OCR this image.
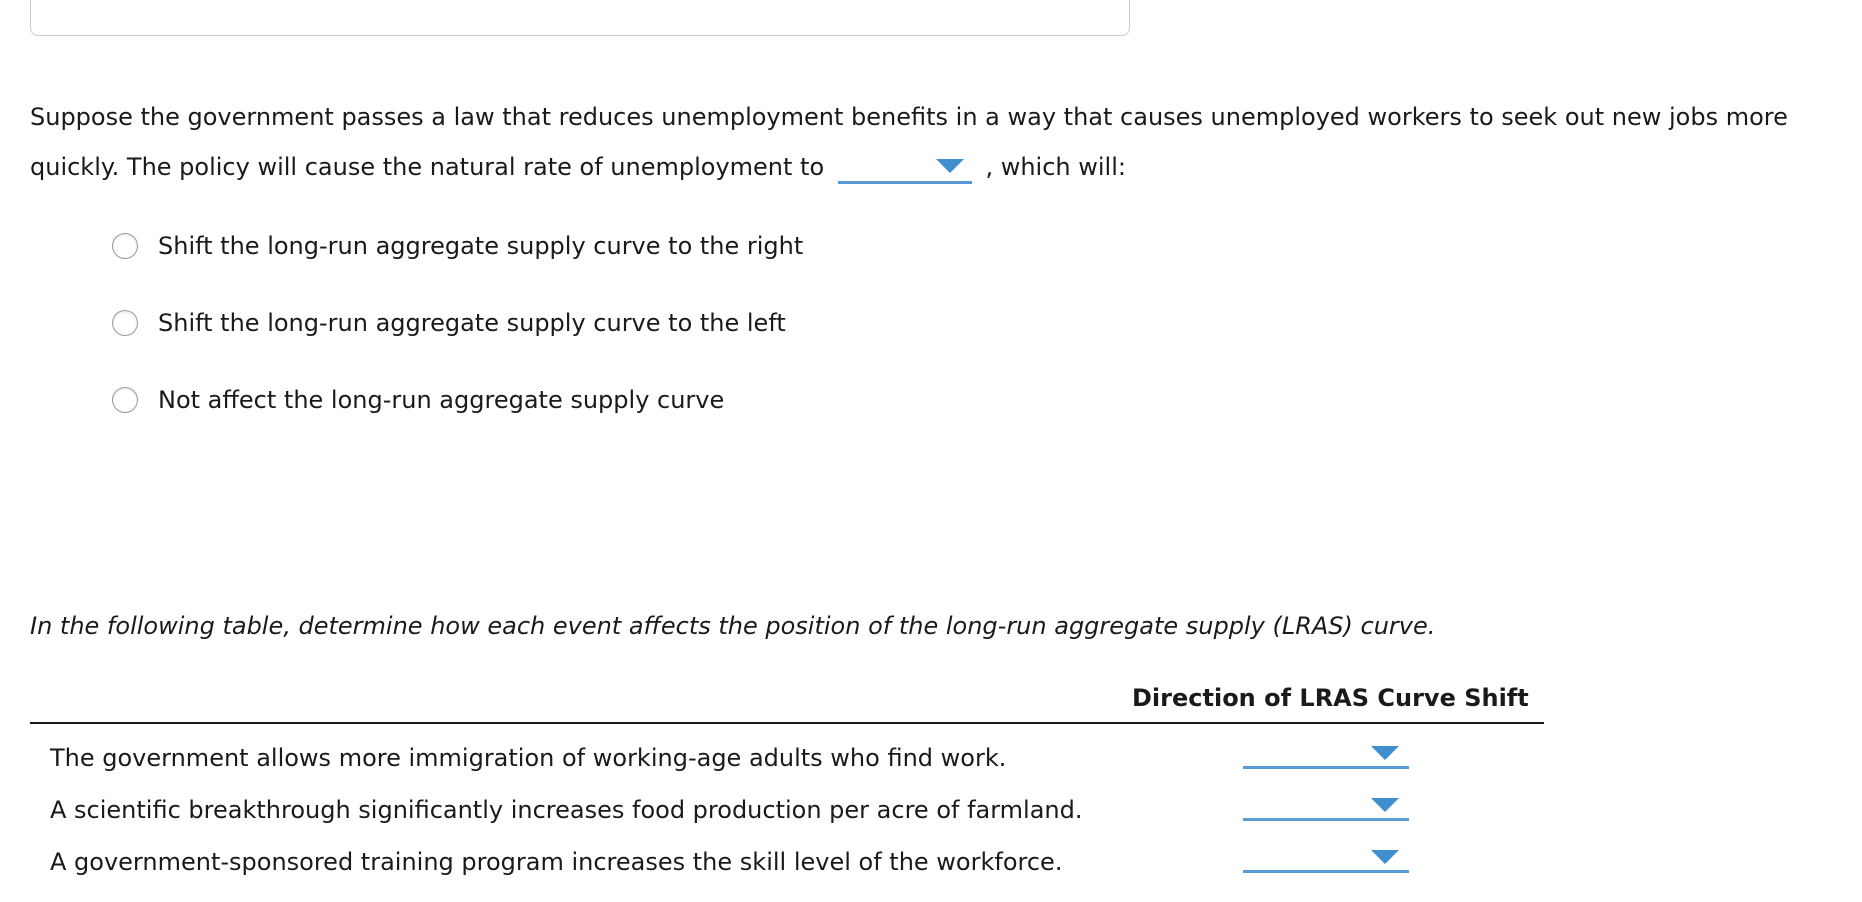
Suppose the government passes a law that reduces unemployment benefits in a way that causes unemployed workers to seek out new jobs more
quickly. The policy will cause the natural rate of unemployment to	, which will:
Shift the long-run aggregate supply curve to the right
Shift the long-run aggregate supply curve to the left
Not affect the long-run aggregate supply curve
In the following table, determine how each event affects the position of the long-run aggregate supply (LRAS) curve.
Direction of LRAS Curve Shift
The government allows more immigration of working-age adults who find work.
A scientific breakthrough significantly increases food production per acre of farmland.
A government-sponsored training program increases the skill level of the workforce.
